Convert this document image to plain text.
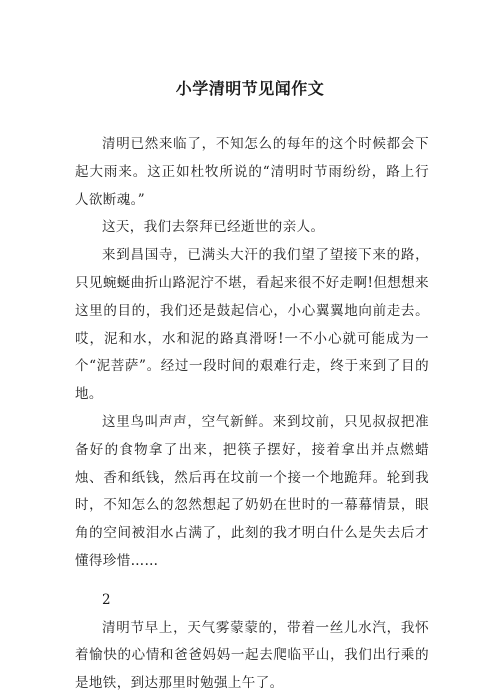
小学清明节见闻作文

清明已然来临了，不知怎么的每年的这个时候都会下起大雨来。这正如杜牧所说的“清明时节雨纷纷，路上行人欲断魂。”

这天，我们去祭拜已经逝世的亲人。

来到昌国寺，已满头大汗的我们望了望接下来的路，只见蜿蜒曲折山路泥泞不堪，看起来很不好走啊!但想想来这里的目的，我们还是鼓起信心，小心翼翼地向前走去。哎，泥和水，水和泥的路真滑呀!一不小心就可能成为一个“泥菩萨”。经过一段时间的艰难行走，终于来到了目的地。

这里鸟叫声声，空气新鲜。来到坟前，只见叔叔把准备好的食物拿了出来，把筷子摆好，接着拿出并点燃蜡烛、香和纸钱，然后再在坟前一个接一个地跪拜。轮到我时，不知怎么的忽然想起了奶奶在世时的一幕幕情景，眼角的空间被泪水占满了，此刻的我才明白什么是失去后才懂得珍惜……

2

清明节早上，天气雾蒙蒙的，带着一丝儿水汽，我怀着愉快的心情和爸爸妈妈一起去爬临平山，我们出行乘的是地铁，到达那里时勉强上午了。
